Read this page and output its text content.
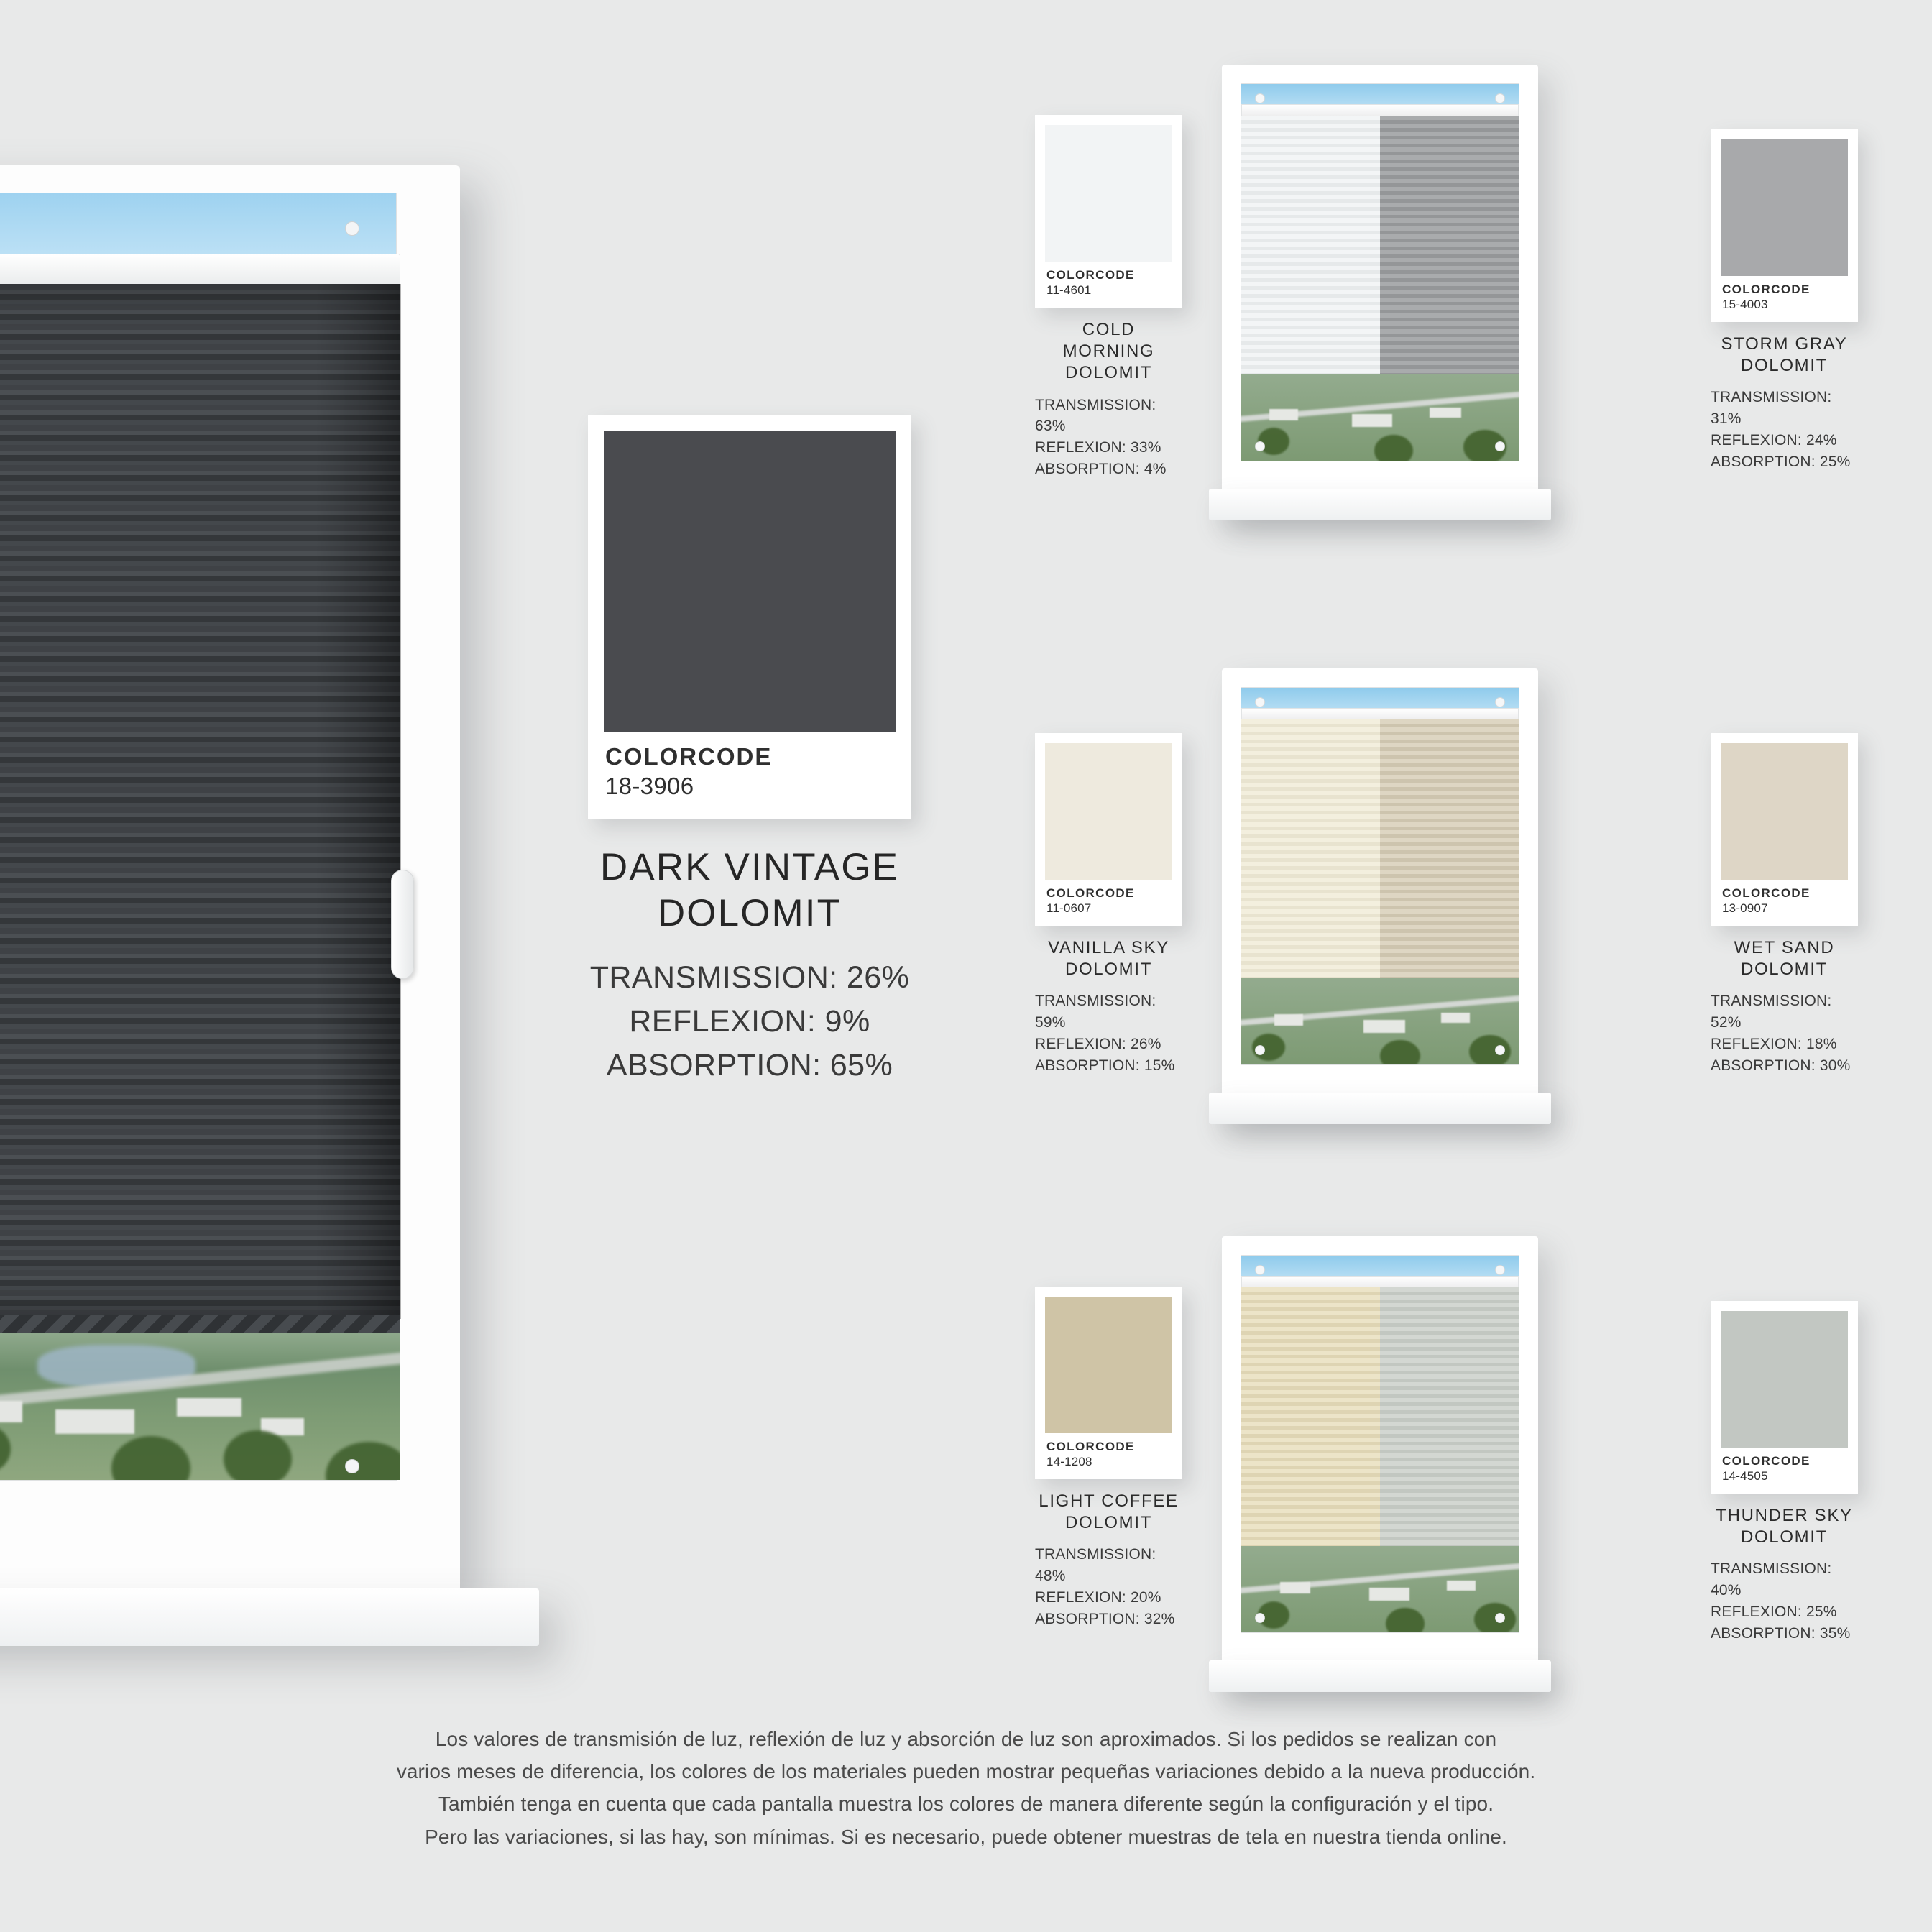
COLORCODE
18-3906
DARK VINTAGE
DOLOMIT
TRANSMISSION: 26%
REFLEXION: 9%
ABSORPTION: 65%
COLORCODE
11-4601
COLD MORNING
DOLOMIT
TRANSMISSION: 63%
REFLEXION: 33%
ABSORPTION: 4%
COLORCODE
15-4003
STORM GRAY
DOLOMIT
TRANSMISSION: 31%
REFLEXION: 24%
ABSORPTION: 25%
COLORCODE
11-0607
VANILLA SKY
DOLOMIT
TRANSMISSION: 59%
REFLEXION: 26%
ABSORPTION: 15%
COLORCODE
13-0907
WET SAND
DOLOMIT
TRANSMISSION: 52%
REFLEXION: 18%
ABSORPTION: 30%
COLORCODE
14-1208
LIGHT COFFEE
DOLOMIT
TRANSMISSION: 48%
REFLEXION: 20%
ABSORPTION: 32%
COLORCODE
14-4505
THUNDER SKY
DOLOMIT
TRANSMISSION: 40%
REFLEXION: 25%
ABSORPTION: 35%
Los valores de transmisión de luz, reflexión de luz y absorción de luz son aproximados. Si los pedidos se realizan con
varios meses de diferencia, los colores de los materiales pueden mostrar pequeñas variaciones debido a la nueva producción.
También tenga en cuenta que cada pantalla muestra los colores de manera diferente según la configuración y el tipo.
Pero las variaciones, si las hay, son mínimas. Si es necesario, puede obtener muestras de tela en nuestra tienda online.
